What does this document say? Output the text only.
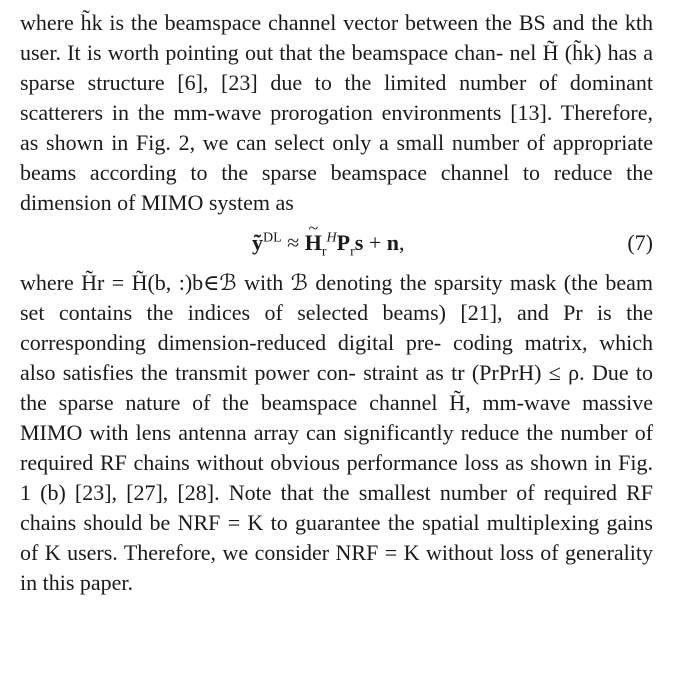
where h̃k is the beamspace channel vector between the BS and the kth user. It is worth pointing out that the beamspace chan- nel H̃ (h̃k) has a sparse structure [6], [23] due to the limited number of dominant scatterers in the mm-wave prorogation environments [13]. Therefore, as shown in Fig. 2, we can select only a small number of appropriate beams according to the sparse beamspace channel to reduce the dimension of MIMO system as

ỹ$^{DL}$ ≈ ~ $H_r^HP_rs + n$,	(7)

where H̃r = H̃(b, :)b∈ℬ with ℬ denoting the sparsity mask (the beam set contains the indices of selected beams) [21], and Pr is the corresponding dimension-reduced digital pre- coding matrix, which also satisfies the transmit power con- straint as tr (PrPrH) ≤ ρ. Due to the sparse nature of the beamspace channel H̃, mm-wave massive MIMO with lens antenna array can significantly reduce the number of required RF chains without obvious performance loss as shown in Fig. 1 (b) [23], [27], [28]. Note that the smallest number of required RF chains should be NRF = K to guarantee the spatial multiplexing gains of K users. Therefore, we consider NRF = K without loss of generality in this paper.
